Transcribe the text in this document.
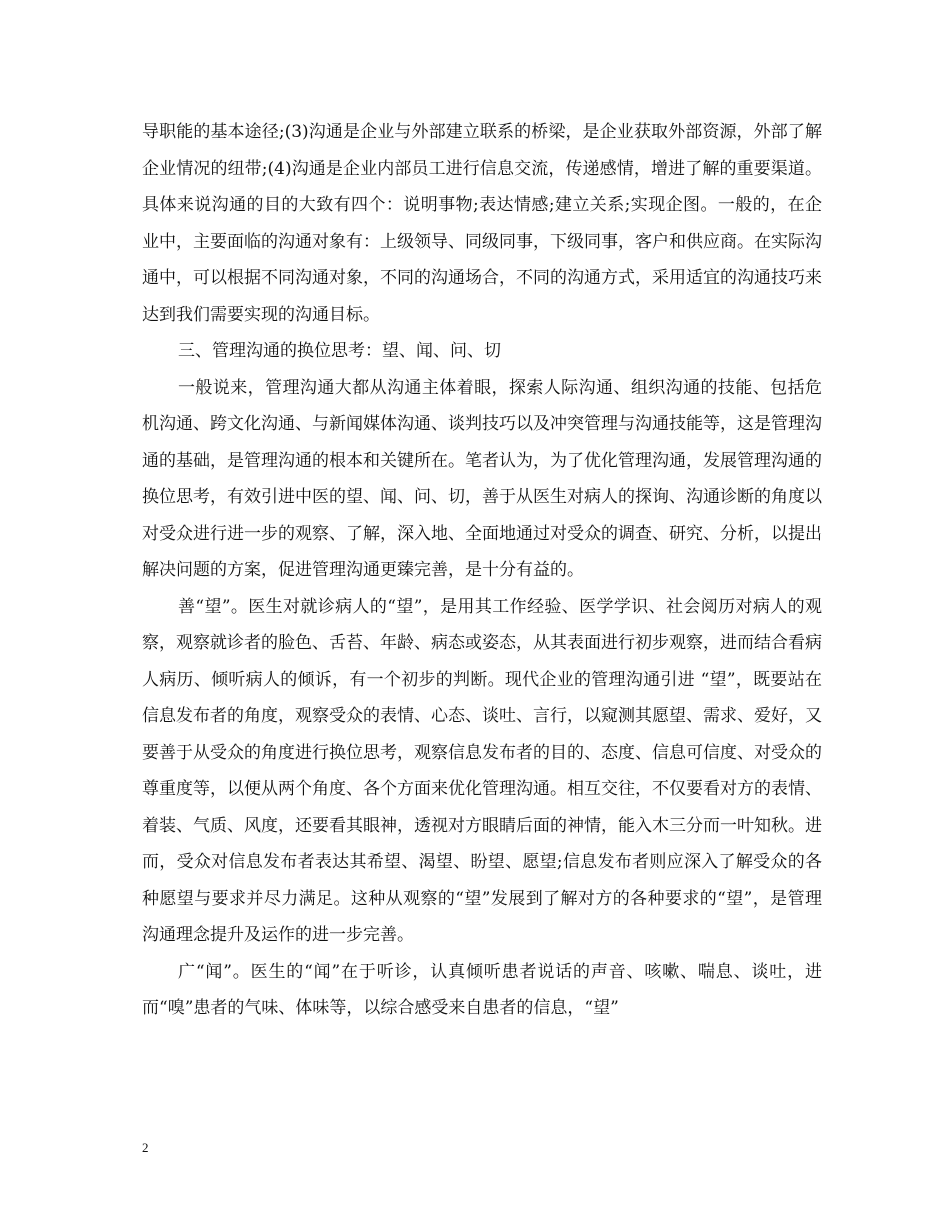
导职能的基本途径;(3)沟通是企业与外部建立联系的桥梁，是企业获取外部资源，外部了解企业情况的纽带;(4)沟通是企业内部员工进行信息交流，传递感情，增进了解的重要渠道。具体来说沟通的目的大致有四个：说明事物;表达情感;建立关系;实现企图。一般的，在企业中，主要面临的沟通对象有：上级领导、同级同事，下级同事，客户和供应商。在实际沟通中，可以根据不同沟通对象，不同的沟通场合，不同的沟通方式，采用适宜的沟通技巧来达到我们需要实现的沟通目标。

三、管理沟通的换位思考：望、闻、问、切

一般说来，管理沟通大都从沟通主体着眼，探索人际沟通、组织沟通的技能、包括危机沟通、跨文化沟通、与新闻媒体沟通、谈判技巧以及冲突管理与沟通技能等，这是管理沟通的基础，是管理沟通的根本和关键所在。笔者认为，为了优化管理沟通，发展管理沟通的换位思考，有效引进中医的望、闻、问、切，善于从医生对病人的探询、沟通诊断的角度以对受众进行进一步的观察、了解，深入地、全面地通过对受众的调查、研究、分析，以提出解决问题的方案，促进管理沟通更臻完善，是十分有益的。

善“望”。医生对就诊病人的“望”，是用其工作经验、医学学识、社会阅历对病人的观察，观察就诊者的脸色、舌苔、年龄、病态或姿态，从其表面进行初步观察，进而结合看病人病历、倾听病人的倾诉，有一个初步的判断。现代企业的管理沟通引进 “望”，既要站在信息发布者的角度，观察受众的表情、心态、谈吐、言行，以窥测其愿望、需求、爱好，又要善于从受众的角度进行换位思考，观察信息发布者的目的、态度、信息可信度、对受众的尊重度等，以便从两个角度、各个方面来优化管理沟通。相互交往，不仅要看对方的表情、着装、气质、风度，还要看其眼神，透视对方眼睛后面的神情，能入木三分而一叶知秋。进而，受众对信息发布者表达其希望、渴望、盼望、愿望;信息发布者则应深入了解受众的各种愿望与要求并尽力满足。这种从观察的“望”发展到了解对方的各种要求的“望”，是管理沟通理念提升及运作的进一步完善。

广“闻”。医生的“闻”在于听诊，认真倾听患者说话的声音、咳嗽、喘息、谈吐，进而“嗅”患者的气味、体味等，以综合感受来自患者的信息，“望”

2
